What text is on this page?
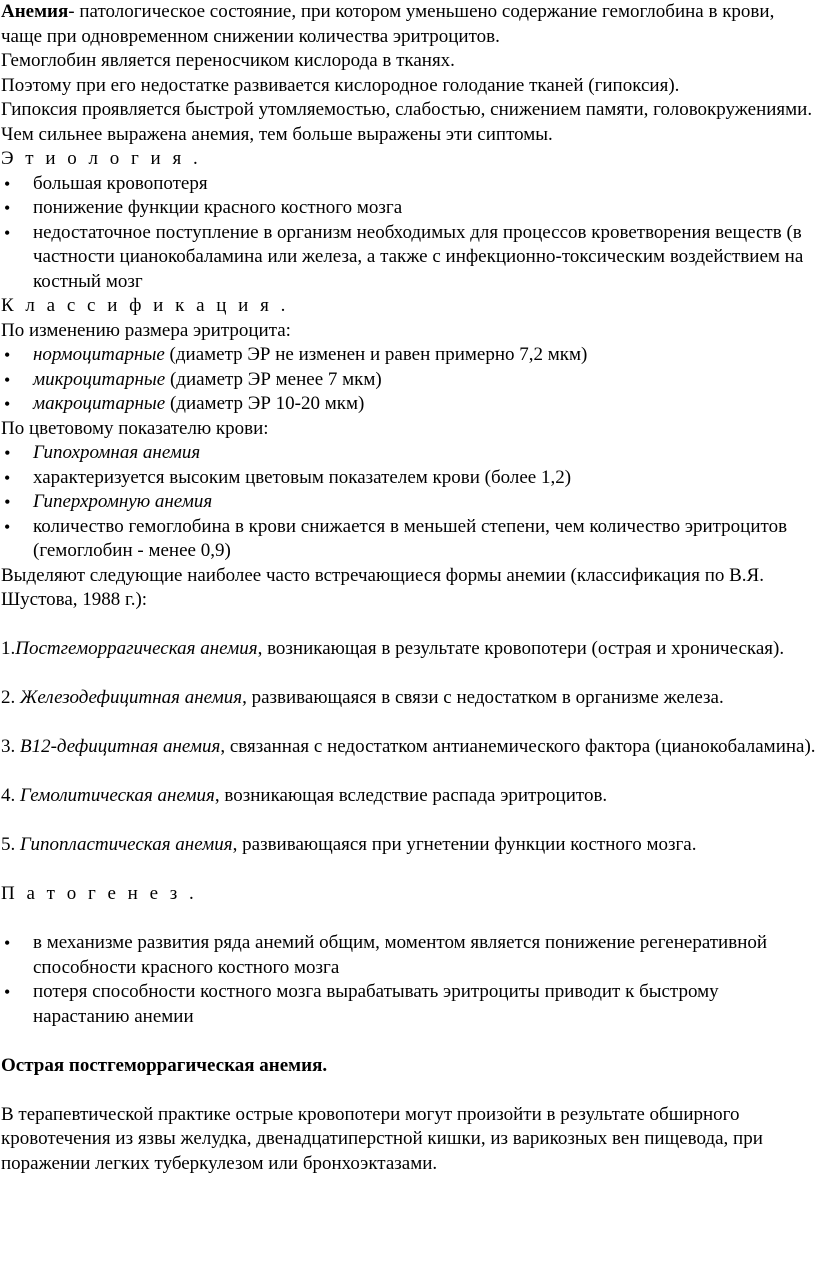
Анемия- патологическое состояние, при котором уменьшено содержание гемоглобина в крови, чаще при одновременном снижении количества эритроцитов.

Гемоглобин является переносчиком кислорода в тканях.

Поэтому при его недостатке развивается кислородное голодание тканей (гипоксия).

Гипоксия проявляется быстрой утомляемостью, слабостью, снижением памяти, головокружениями.

Чем сильнее выражена анемия, тем больше выражены эти сиптомы.

Э т и о л о г и я .

• большая кровопотеря
• понижение функции красного костного мозга
• недостаточное поступление в организм необходимых для процессов кроветворения веществ (в частности цианокобаламина или железа, а также с инфекционно-токсическим воздействием на костный мозг

К л а с с и ф и к а ц и я .

По изменению размера эритроцита:

• нормоцитарные (диаметр ЭР не изменен и равен примерно 7,2 мкм)
• микроцитарные (диаметр ЭР менее 7 мкм)
• макроцитарные (диаметр ЭР 10-20 мкм)

По цветовому показателю крови:

• Гипохромная анемия
• характеризуется высоким цветовым показателем крови (более 1,2)
• Гиперхромную анемия
• количество гемоглобина в крови снижается в меньшей степени, чем количество эритроцитов (гемоглобин - менее 0,9)

Выделяют следующие наиболее часто встречающиеся формы анемии (классификация по В.Я. Шустова, 1988 г.):

1.Постгеморрагическая анемия, возникающая в результате кровопотери (острая и хроническая).

2. Железодефицитная анемия, развивающаяся в связи с недостатком в организме железа.

3. В12-дефицитная анемия, связанная с недостатком антианемического фактора (цианокобаламина).

4. Гемолитическая анемия, возникающая вследствие распада эритроцитов.

5. Гипопластическая анемия, развивающаяся при угнетении функции костного мозга.

П а т о г е н е з .

• в механизме развития ряда анемий общим, моментом является понижение регенеративной способности красного костного мозга
• потеря способности костного мозга вырабатывать эритроциты приводит к быстрому нарастанию анемии

Острая постгеморрагическая анемия.

В терапевтической практике острые кровопотери могут произойти в результате обширного кровотечения из язвы желудка, двенадцатиперстной кишки, из варикозных вен пищевода, при поражении легких туберкулезом или бронхоэктазами.
